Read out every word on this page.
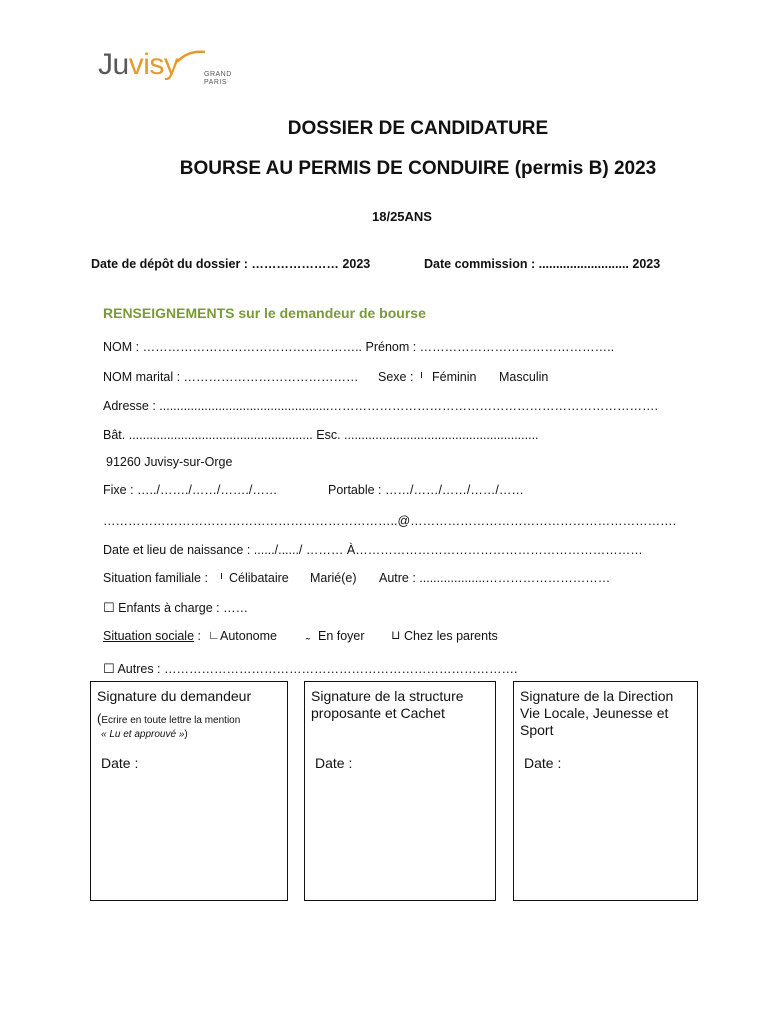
Juvisy	GRAND
PARIS
DOSSIER DE CANDIDATURE
BOURSE AU PERMIS DE CONDUIRE (permis B) 2023
18/25ANS
Date de dépôt du dossier : ………………… 2023	Date commission : .......................... 2023
RENSEIGNEMENTS sur le demandeur de bourse
NOM : …………………………………………….. Prénom : ………………………………………..
NOM marital : …………………………………… Sexe : ı Féminin Masculin
Adresse : .................................................…………………………………………………………………….
Bât. ..................................................... Esc. ........................................................
91260 Juvisy-sur-Orge
Fixe : …../……./……/……./……	Portable : ……/……/……/……/……
……………………………………………………………..@……………………………………………………….
Date et lieu de naissance : ....../....../ ……… À……………………………………………………………
Situation familiale : ı Célibataire Marié(e) Autre : ...................…………………………
☐ Enfants à charge : ……
Situation sociale : ∟ Autonome ˷ En foyer ⊔ Chez les parents
☐ Autres : ………………………………………………………………………….
Signature du demandeur
(Ecrire en toute lettre la mention
« Lu et approuvé »)
Date :
Signature de la structure proposante et Cachet
Date :
Signature de la Direction Vie Locale, Jeunesse et Sport
Date :
